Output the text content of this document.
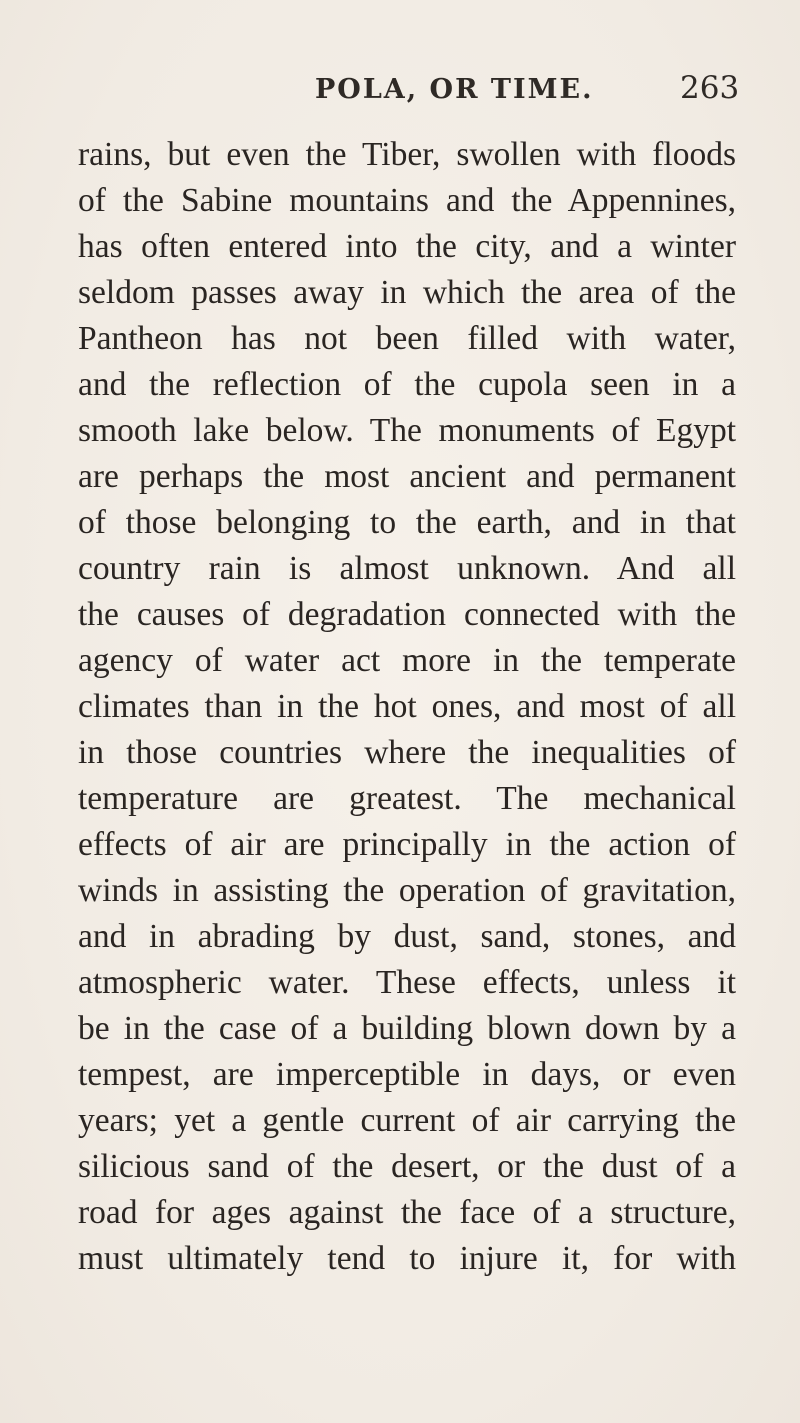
POLA, OR TIME.	263
rains, but even the Tiber, swollen with floods
of the Sabine mountains and the Appennines,
has often entered into the city, and a winter
seldom passes away in which the area of the
Pantheon has not been filled with water,
and the reflection of the cupola seen in a
smooth lake below. The monuments of Egypt
are perhaps the most ancient and permanent
of those belonging to the earth, and in that
country rain is almost unknown. And all
the causes of degradation connected with the
agency of water act more in the temperate
climates than in the hot ones, and most of all
in those countries where the inequalities of
temperature are greatest. The mechanical
effects of air are principally in the action of
winds in assisting the operation of gravitation,
and in abrading by dust, sand, stones, and
atmospheric water. These effects, unless it
be in the case of a building blown down by a
tempest, are imperceptible in days, or even
years; yet a gentle current of air carrying the
silicious sand of the desert, or the dust of a
road for ages against the face of a structure,
must ultimately tend to injure it, for with
